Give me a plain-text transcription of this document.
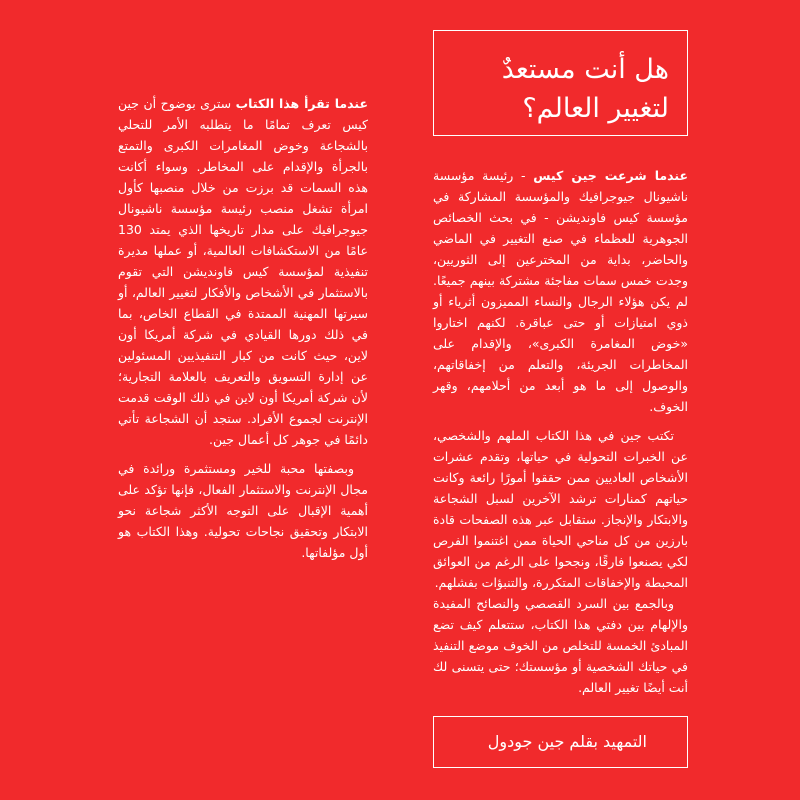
هل أنت مستعدٌ
لتغيير العالم؟

عندما تقرأ هذا الكتاب سترى بوضوح أن جين كيس تعرف تمامًا ما يتطلبه الأمر للتحلي بالشجاعة وخوض المغامرات الكبرى والتمتع بالجرأة والإقدام على المخاطر. وسواء أكانت هذه السمات قد برزت من خلال منصبها كأول امرأة تشغل منصب رئيسة مؤسسة ناشيونال جيوجرافيك على مدار تاريخها الذي يمتد 130 عامًا من الاستكشافات العالمية، أو عملها مديرة تنفيذية لمؤسسة كيس فاونديشن التي تقوم بالاستثمار في الأشخاص والأفكار لتغيير العالم، أو سيرتها المهنية الممتدة في القطاع الخاص، بما في ذلك دورها القيادي في شركة أمريكا أون لاين، حيث كانت من كبار التنفيذيين المسئولين عن إدارة التسويق والتعريف بالعلامة التجارية؛ لأن شركة أمريكا أون لاين في ذلك الوقت قدمت الإنترنت لجموع الأفراد. ستجد أن الشجاعة تأتي دائمًا في جوهر كل أعمال جين.

وبصفتها محبة للخير ومستثمرة ورائدة في مجال الإنترنت والاستثمار الفعال، فإنها تؤكد على أهمية الإقبال على التوجه الأكثر شجاعة نحو الابتكار وتحقيق نجاحات تحولية. وهذا الكتاب هو أول مؤلفاتها.

عندما شرعت جين كيس - رئيسة مؤسسة ناشيونال جيوجرافيك والمؤسسة المشاركة في مؤسسة كيس فاونديشن - في بحث الخصائص الجوهرية للعظماء في صنع التغيير في الماضي والحاضر، بداية من المخترعين إلى الثوريين، وجدت خمس سمات مفاجئة مشتركة بينهم جميعًا. لم يكن هؤلاء الرجال والنساء المميزون أثرياء أو ذوي امتيازات أو حتى عباقرة. لكنهم اختاروا «خوض المغامرة الكبرى»، والإقدام على المخاطرات الجريئة، والتعلم من إخفاقاتهم، والوصول إلى ما هو أبعد من أحلامهم، وقهر الخوف.

تكتب جين في هذا الكتاب الملهم والشخصي، عن الخبرات التحولية في حياتها، وتقدم عشرات الأشخاص العاديين ممن حققوا أمورًا رائعة وكانت حياتهم كمنارات ترشد الآخرين لسبل الشجاعة والابتكار والإنجاز. ستقابل عبر هذه الصفحات قادة بارزين من كل مناحي الحياة ممن اغتنموا الفرص لكي يصنعوا فارقًا، ونجحوا على الرغم من العوائق المحبطة والإخفاقات المتكررة، والتنبؤات بفشلهم.

وبالجمع بين السرد القصصي والنصائح المفيدة والإلهام بين دفتي هذا الكتاب، ستتعلم كيف تضع المبادئ الخمسة للتخلص من الخوف موضع التنفيذ في حياتك الشخصية أو مؤسستك؛ حتى يتسنى لك أنت أيضًا تغيير العالم.

التمهيد بقلم جين جودول
